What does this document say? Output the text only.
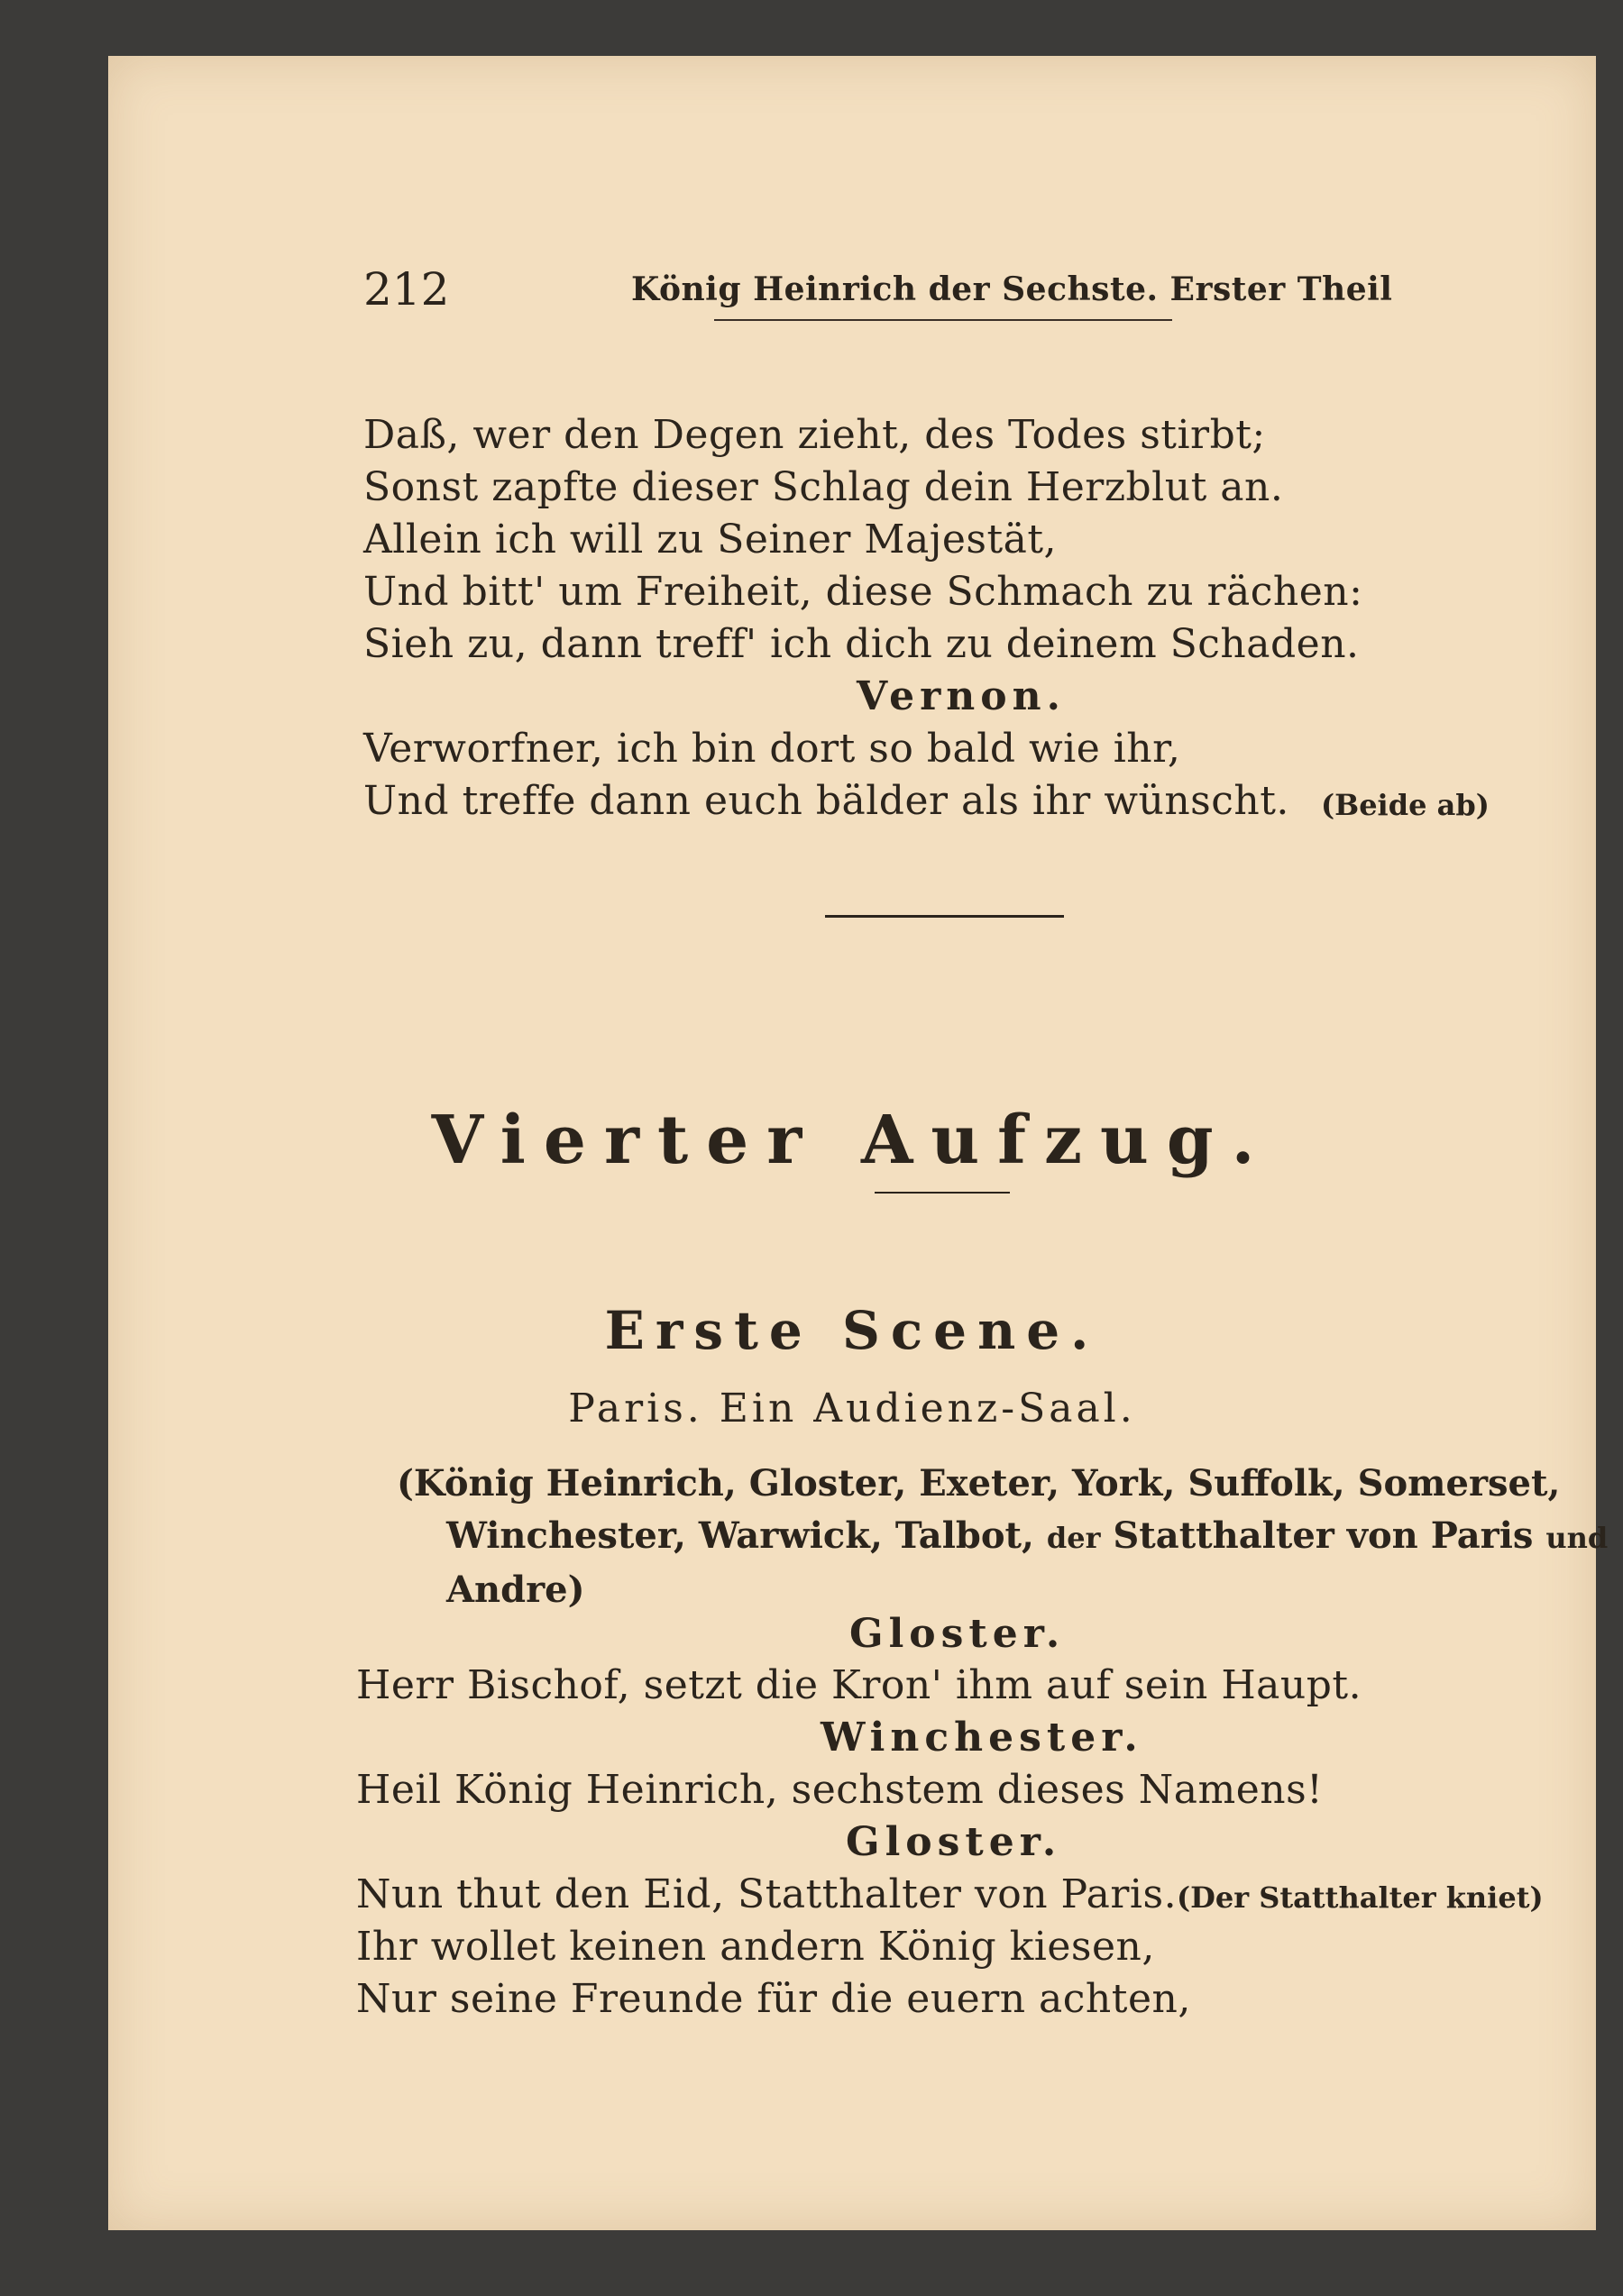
212	König Heinrich der Sechste. Erster Theil
Daß, wer den Degen zieht, des Todes stirbt;
Sonst zapfte dieser Schlag dein Herzblut an.
Allein ich will zu Seiner Majestät,
Und bitt' um Freiheit, diese Schmach zu rächen:
Sieh zu, dann treff' ich dich zu deinem Schaden.
Vernon.
Verworfner, ich bin dort so bald wie ihr,
Und treffe dann euch bälder als ihr wünscht. (Beide ab)
Vierter Aufzug.
Erste Scene.
Paris. Ein Audienz-Saal.
(König Heinrich, Gloster, Exeter, York, Suffolk, Somerset,
Winchester, Warwick, Talbot, der Statthalter von Paris und
Andre)
Gloster.
Herr Bischof, setzt die Kron' ihm auf sein Haupt.
Winchester.
Heil König Heinrich, sechstem dieses Namens!
Gloster.
Nun thut den Eid, Statthalter von Paris. (Der Statthalter kniet)
Ihr wollet keinen andern König kiesen,
Nur seine Freunde für die euern achten,
